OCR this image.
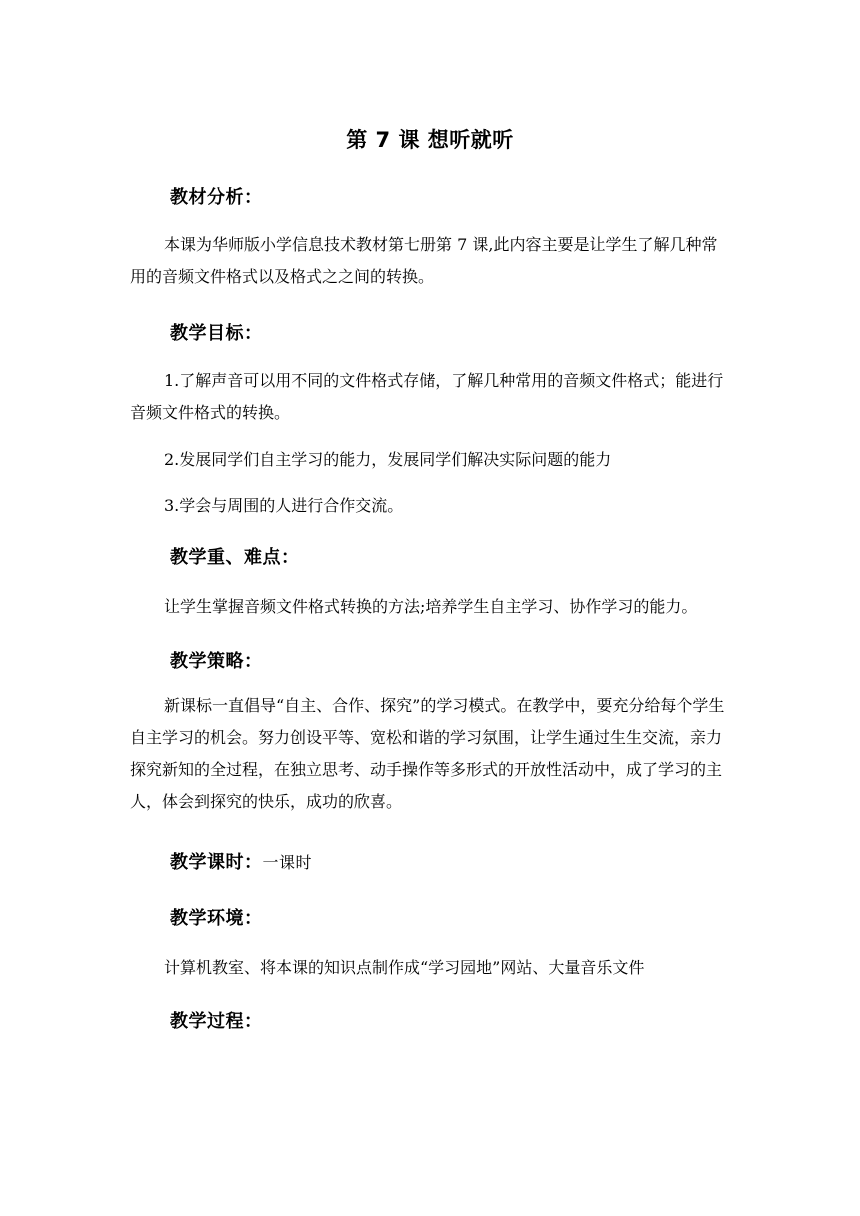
第 7 课 想听就听
教材分析：
本课为华师版小学信息技术教材第七册第 7 课,此内容主要是让学生了解几种常用的音频文件格式以及格式之之间的转换。
教学目标：
1.了解声音可以用不同的文件格式存储，了解几种常用的音频文件格式；能进行音频文件格式的转换。
2.发展同学们自主学习的能力，发展同学们解决实际问题的能力
3.学会与周围的人进行合作交流。
教学重、难点：
让学生掌握音频文件格式转换的方法;培养学生自主学习、协作学习的能力。
教学策略：
新课标一直倡导“自主、合作、探究”的学习模式。在教学中，要充分给每个学生自主学习的机会。努力创设平等、宽松和谐的学习氛围，让学生通过生生交流，亲力探究新知的全过程，在独立思考、动手操作等多形式的开放性活动中，成了学习的主人，体会到探究的快乐，成功的欣喜。
教学课时：一课时
教学环境：
计算机教室、将本课的知识点制作成“学习园地”网站、大量音乐文件
教学过程：
